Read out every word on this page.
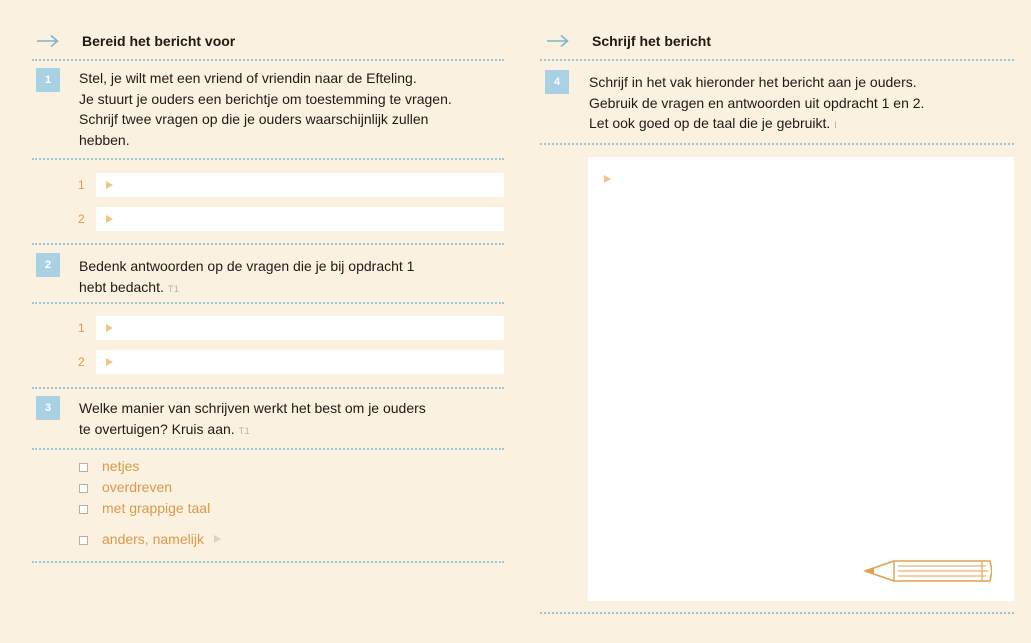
Bereid het bericht voor
1	Stel, je wilt met een vriend of vriendin naar de Efteling.
Je stuurt je ouders een berichtje om toestemming te vragen.
Schrijf twee vragen op die je ouders waarschijnlijk zullen
hebben.
1
2
2	Bedenk antwoorden op de vragen die je bij opdracht 1
hebt bedacht. T1
1
2
3	Welke manier van schrijven werkt het best om je ouders
te overtuigen? Kruis aan. T1
netjes
overdreven
met grappige taal
anders, namelijk
Schrijf het bericht
4	Schrijf in het vak hieronder het bericht aan je ouders.
Gebruik de vragen en antwoorden uit opdracht 1 en 2.
Let ook goed op de taal die je gebruikt. I
